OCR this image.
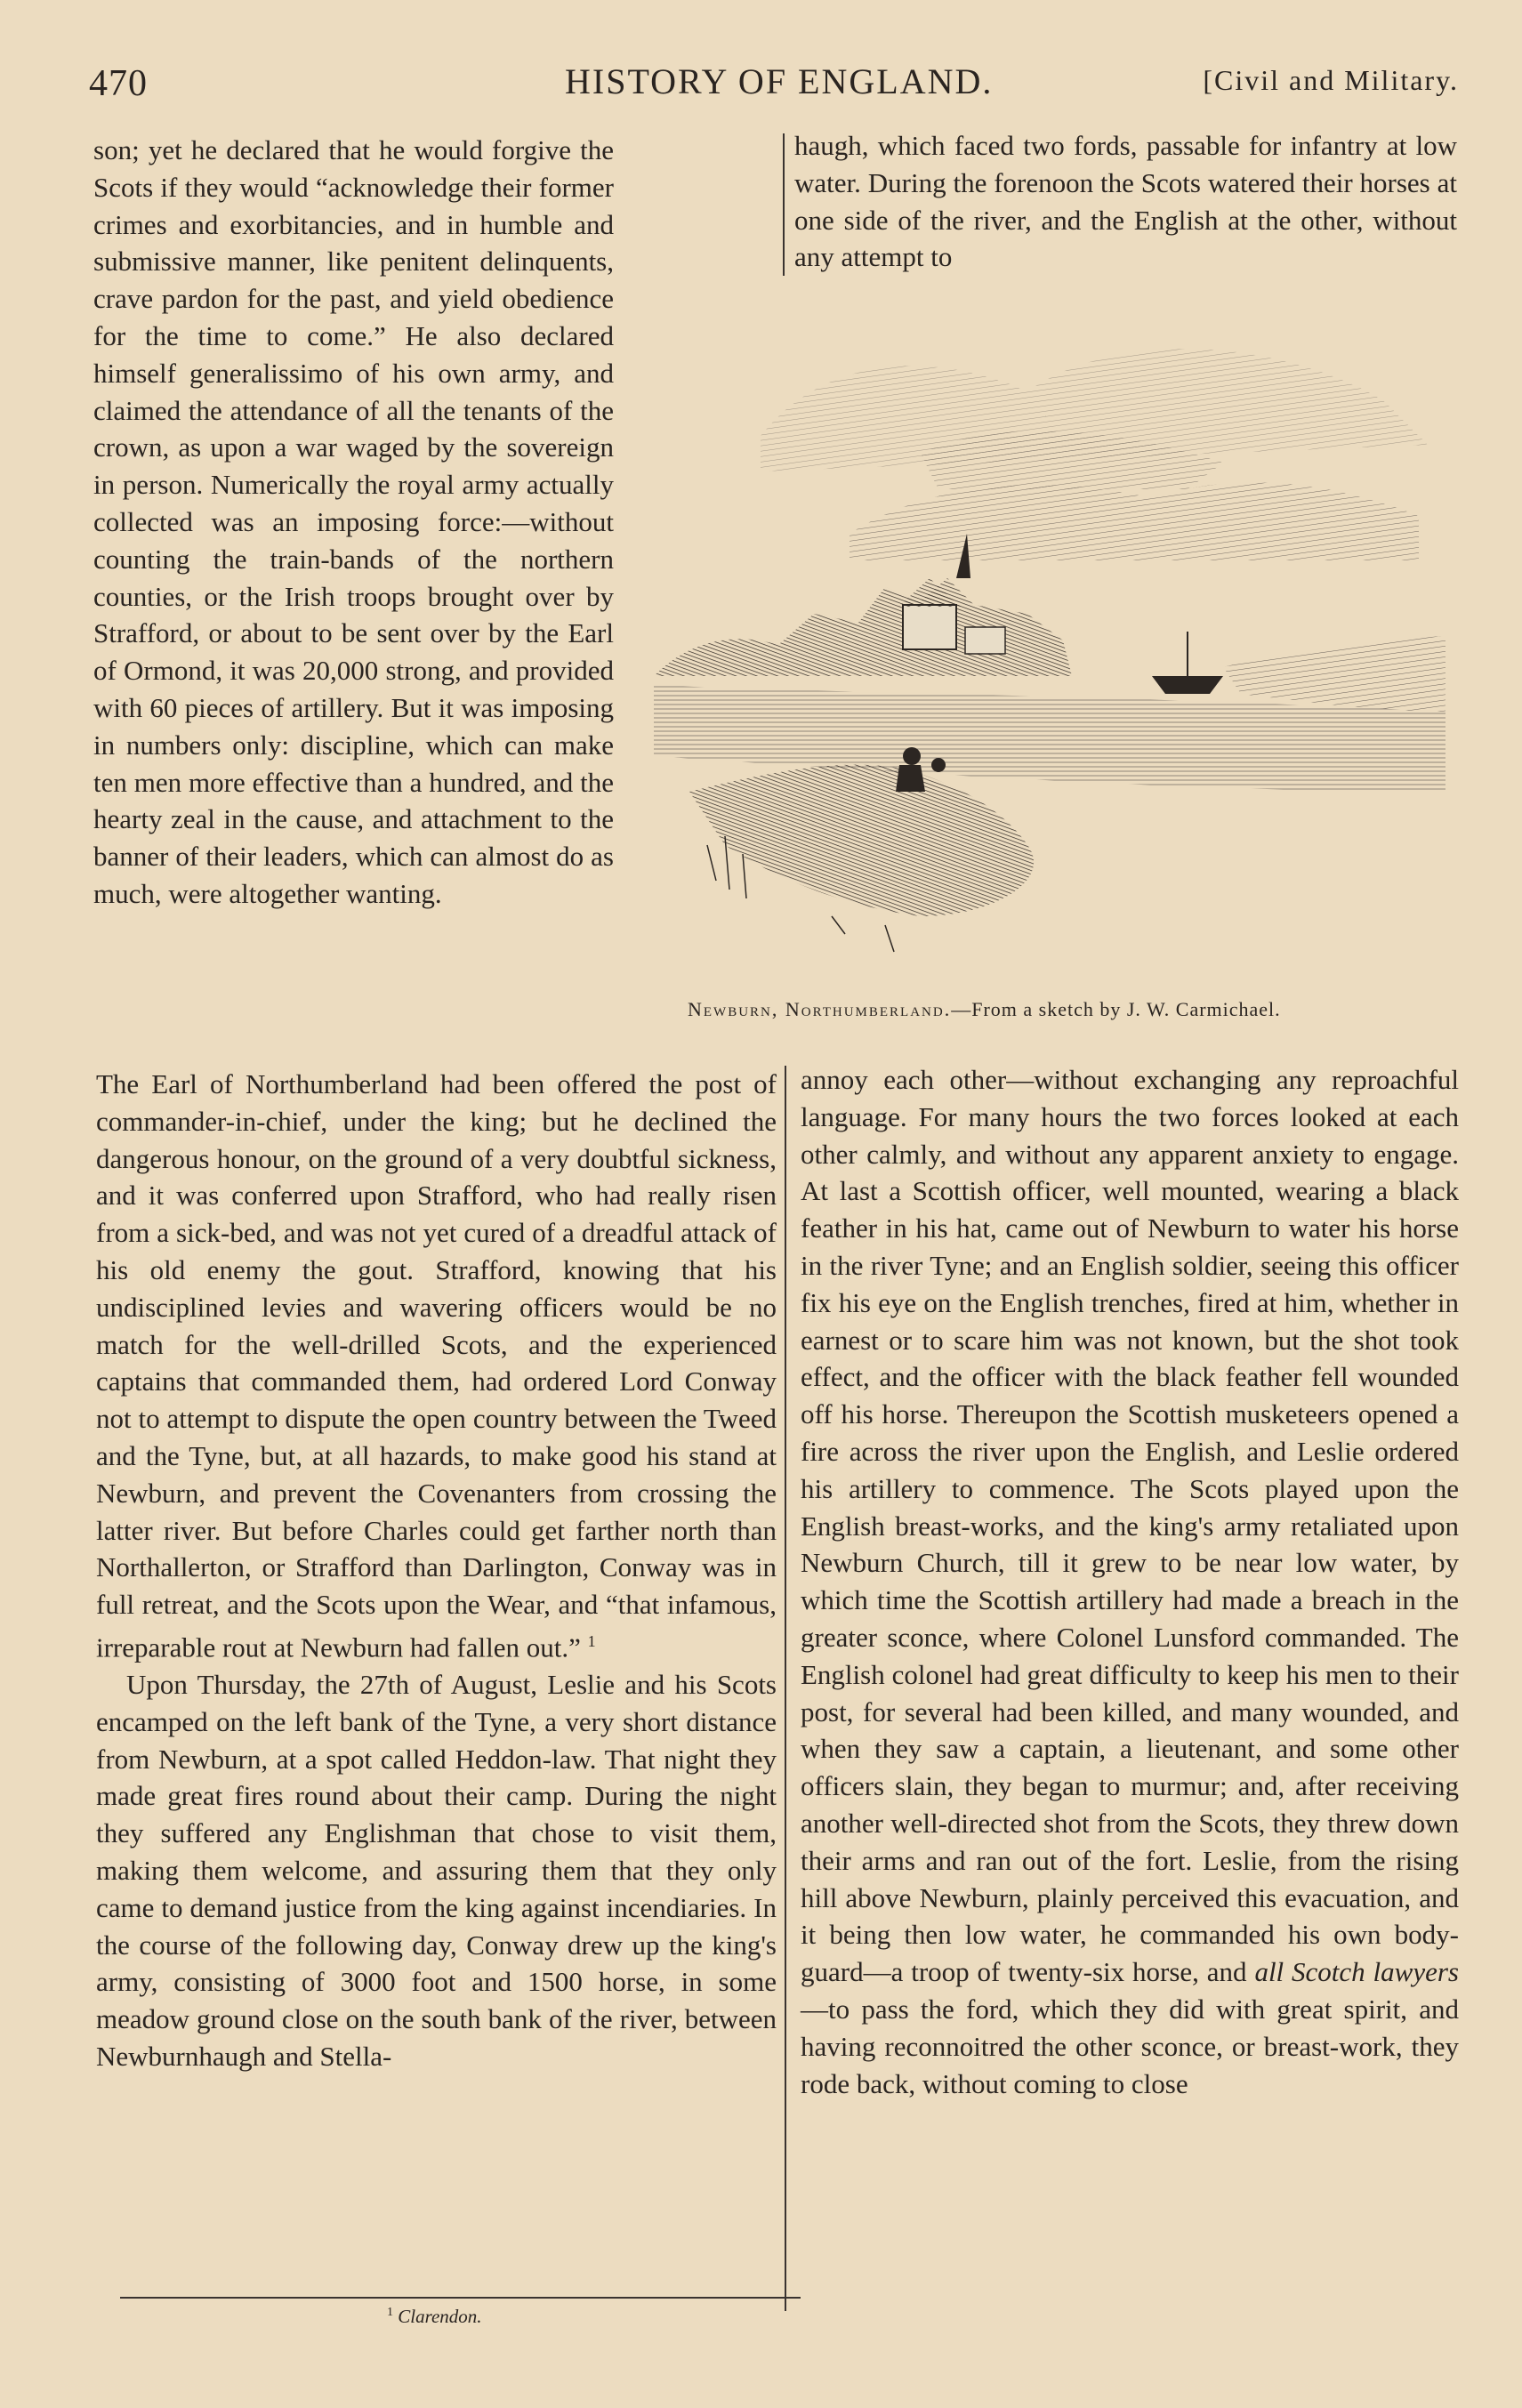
470	HISTORY OF ENGLAND.	[Civil and Military.

son; yet he declared that he would forgive the Scots if they would “acknowledge their former crimes and exorbitancies, and in humble and submissive manner, like penitent delinquents, crave pardon for the past, and yield obedience for the time to come.” He also declared himself generalissimo of his own army, and claimed the attendance of all the tenants of the crown, as upon a war waged by the sovereign in person. Numerically the royal army actually collected was an imposing force:—without counting the train-bands of the northern counties, or the Irish troops brought over by Strafford, or about to be sent over by the Earl of Ormond, it was 20,000 strong, and provided with 60 pieces of artillery. But it was imposing in numbers only: discipline, which can make ten men more effective than a hundred, and the hearty zeal in the cause, and attachment to the banner of their leaders, which can almost do as much, were altogether wanting.

haugh, which faced two fords, passable for infantry at low water. During the forenoon the Scots watered their horses at one side of the river, and the English at the other, without any attempt to

Newburn, Northumberland.—From a sketch by J. W. Carmichael.

The Earl of Northumberland had been offered the post of commander-in-chief, under the king; but he declined the dangerous honour, on the ground of a very doubtful sickness, and it was conferred upon Strafford, who had really risen from a sick-bed, and was not yet cured of a dreadful attack of his old enemy the gout. Strafford, knowing that his undisciplined levies and wavering officers would be no match for the well-drilled Scots, and the experienced captains that commanded them, had ordered Lord Conway not to attempt to dispute the open country between the Tweed and the Tyne, but, at all hazards, to make good his stand at Newburn, and prevent the Covenanters from crossing the latter river. But before Charles could get farther north than Northallerton, or Strafford than Darlington, Conway was in full retreat, and the Scots upon the Wear, and “that infamous, irreparable rout at Newburn had fallen out.” $^1$

Upon Thursday, the 27th of August, Leslie and his Scots encamped on the left bank of the Tyne, a very short distance from Newburn, at a spot called Heddon-law. That night they made great fires round about their camp. During the night they suffered any Englishman that chose to visit them, making them welcome, and assuring them that they only came to demand justice from the king against incendiaries. In the course of the following day, Conway drew up the king's army, consisting of 3000 foot and 1500 horse, in some meadow ground close on the south bank of the river, between Newburnhaugh and Stella-

annoy each other—without exchanging any reproachful language. For many hours the two forces looked at each other calmly, and without any apparent anxiety to engage. At last a Scottish officer, well mounted, wearing a black feather in his hat, came out of Newburn to water his horse in the river Tyne; and an English soldier, seeing this officer fix his eye on the English trenches, fired at him, whether in earnest or to scare him was not known, but the shot took effect, and the officer with the black feather fell wounded off his horse. Thereupon the Scottish musketeers opened a fire across the river upon the English, and Leslie ordered his artillery to commence. The Scots played upon the English breast-works, and the king's army retaliated upon Newburn Church, till it grew to be near low water, by which time the Scottish artillery had made a breach in the greater sconce, where Colonel Lunsford commanded. The English colonel had great difficulty to keep his men to their post, for several had been killed, and many wounded, and when they saw a captain, a lieutenant, and some other officers slain, they began to murmur; and, after receiving another well-directed shot from the Scots, they threw down their arms and ran out of the fort. Leslie, from the rising hill above Newburn, plainly perceived this evacuation, and it being then low water, he commanded his own body-guard—a troop of twenty-six horse, and all Scotch lawyers—to pass the ford, which they did with great spirit, and having reconnoitred the other sconce, or breast-work, they rode back, without coming to close

$^1$ Clarendon.
